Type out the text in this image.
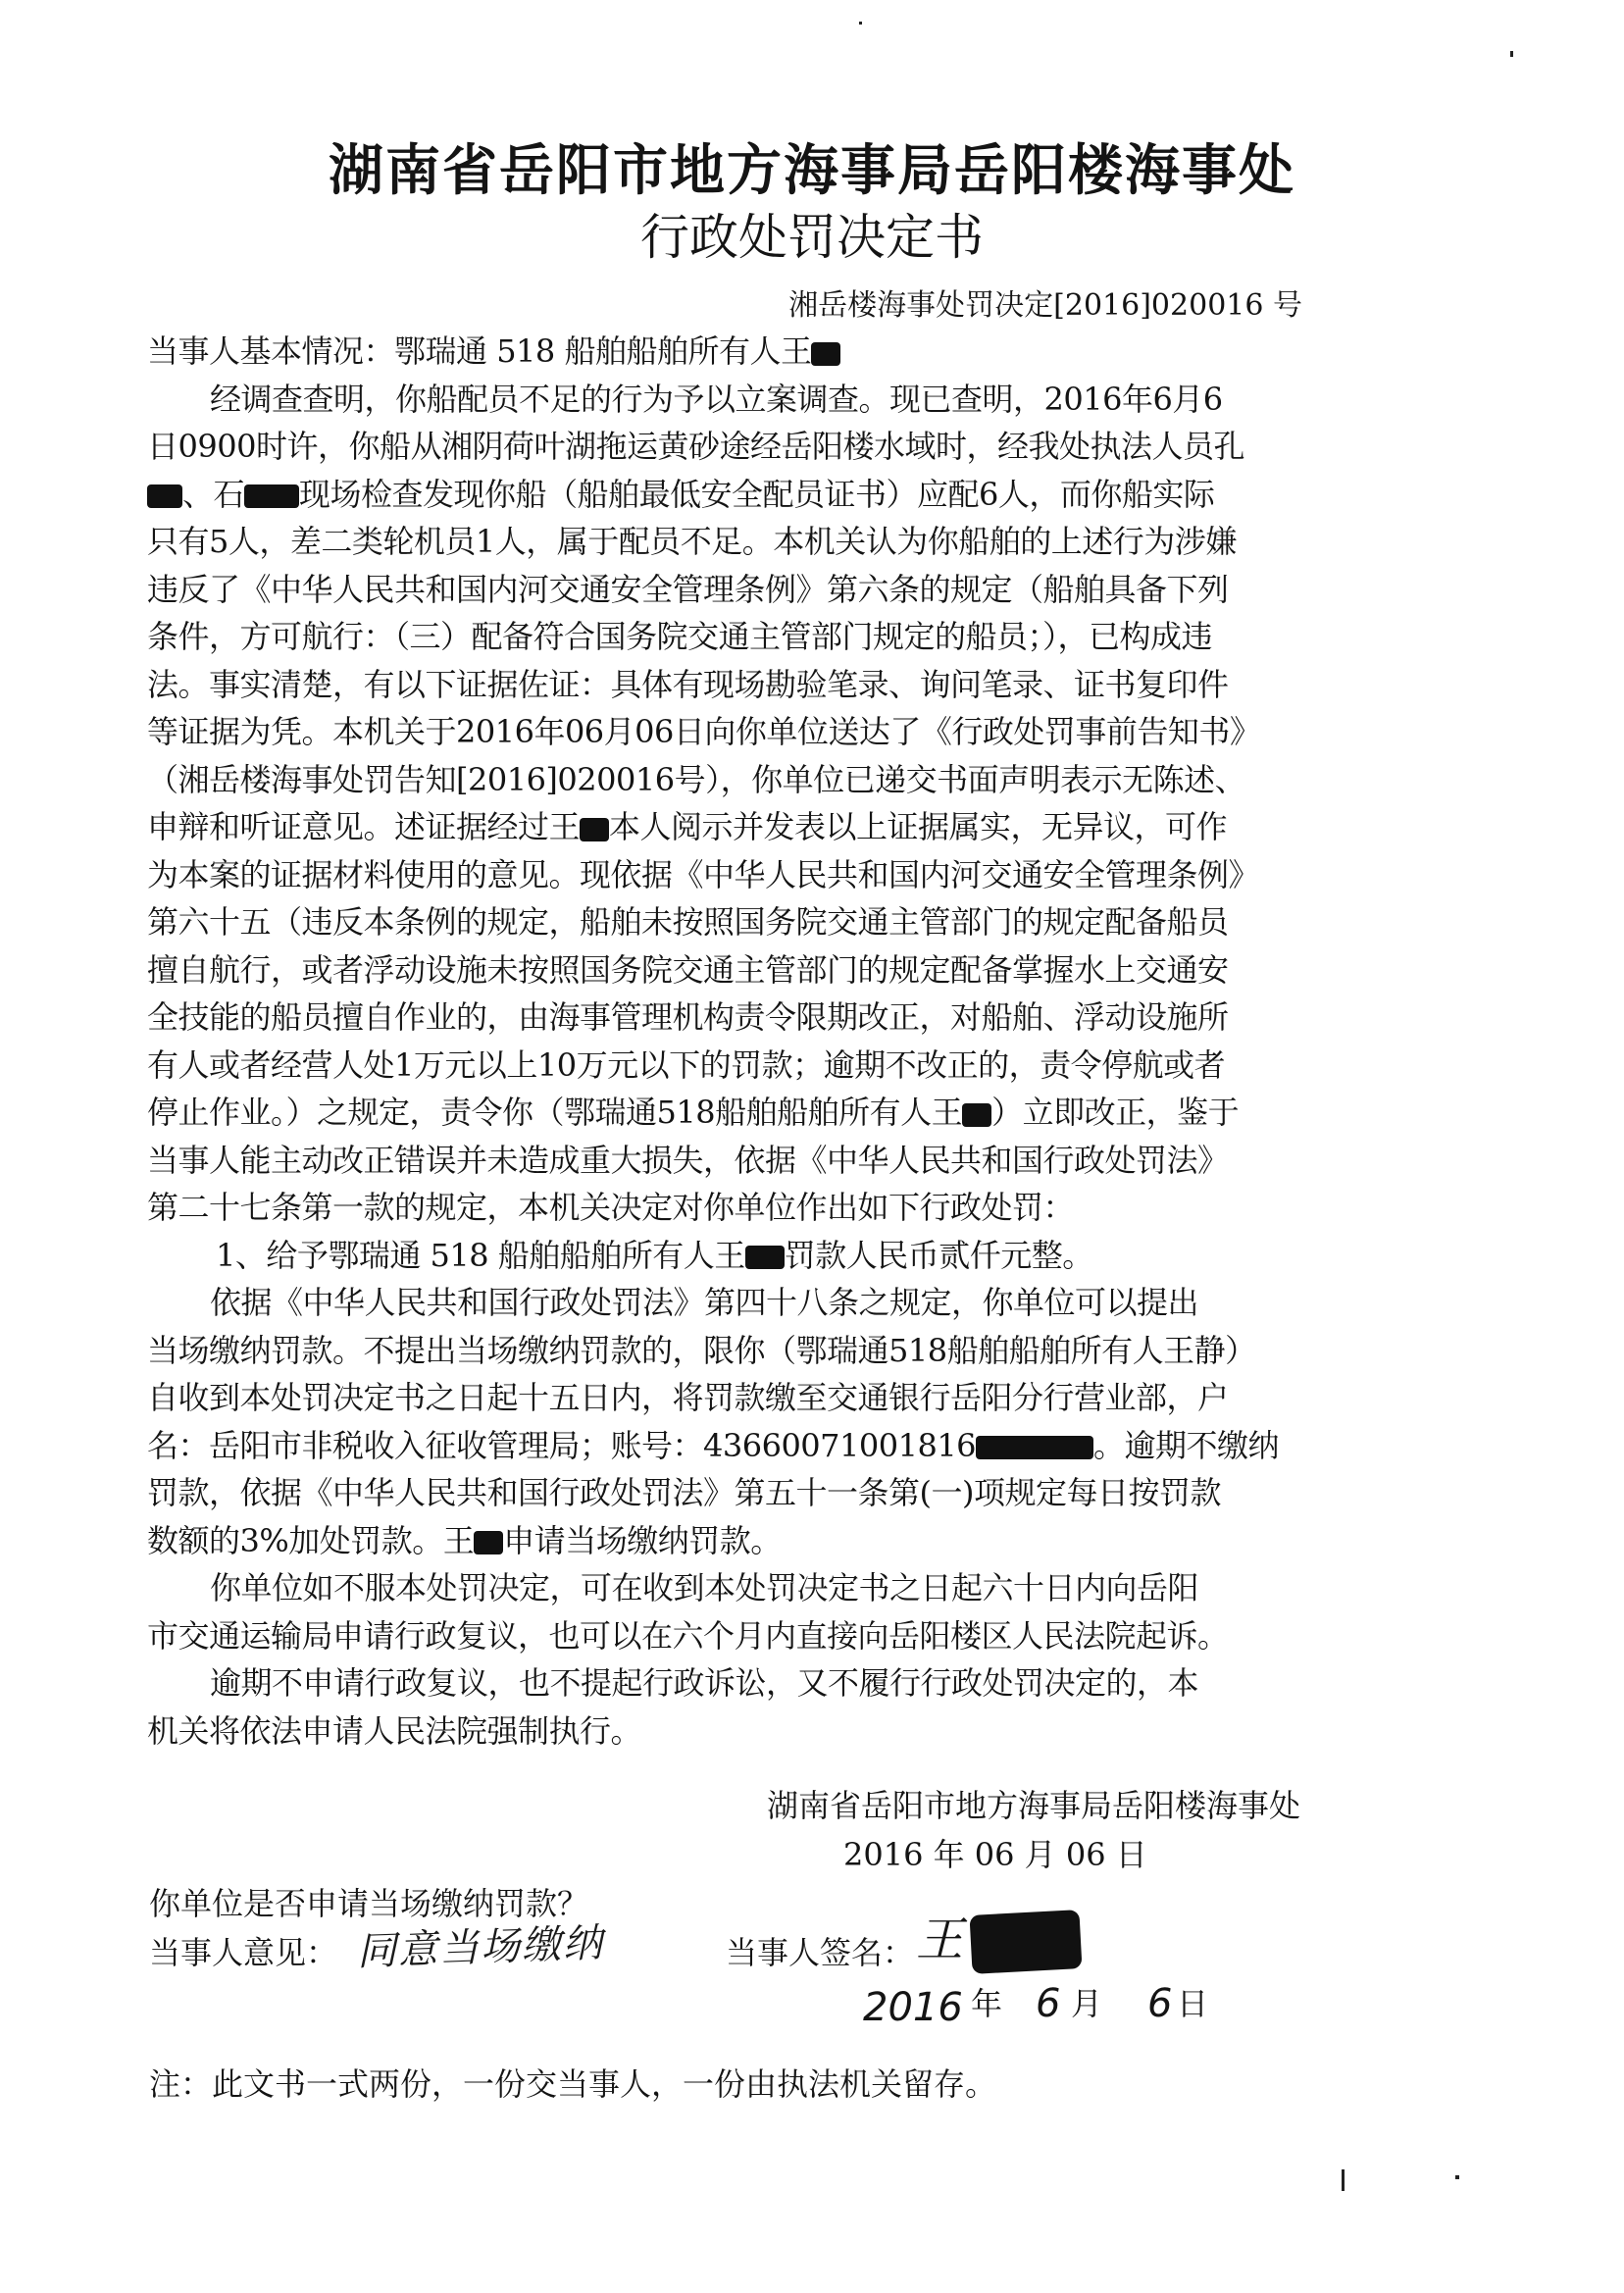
湖南省岳阳市地方海事局岳阳楼海事处
行政处罚决定书
湘岳楼海事处罚决定[2016]020016 号

当事人基本情况：鄂瑞通 518 船舶船舶所有人王

经调查查明，你船配员不足的行为予以立案调查。现已查明，2016年6月6

日0900时许，你船从湘阴荷叶湖拖运黄砂途经岳阳楼水域时，经我处执法人员孔

、石 现场检查发现你船（船舶最低安全配员证书）应配6人，而你船实际

只有5人，差二类轮机员1人，属于配员不足。本机关认为你船舶的上述行为涉嫌

违反了《中华人民共和国内河交通安全管理条例》第六条的规定（船舶具备下列

条件，方可航行：（三）配备符合国务院交通主管部门规定的船员；），已构成违

法。事实清楚，有以下证据佐证：具体有现场勘验笔录、询问笔录、证书复印件

等证据为凭。本机关于2016年06月06日向你单位送达了《行政处罚事前告知书》

（湘岳楼海事处罚告知[2016]020016号），你单位已递交书面声明表示无陈述、

申辩和听证意见。述证据经过王 本人阅示并发表以上证据属实，无异议，可作

为本案的证据材料使用的意见。现依据《中华人民共和国内河交通安全管理条例》

第六十五（违反本条例的规定，船舶未按照国务院交通主管部门的规定配备船员

擅自航行，或者浮动设施未按照国务院交通主管部门的规定配备掌握水上交通安

全技能的船员擅自作业的，由海事管理机构责令限期改正，对船舶、浮动设施所

有人或者经营人处1万元以上10万元以下的罚款；逾期不改正的，责令停航或者

停止作业。）之规定，责令你（鄂瑞通518船舶船舶所有人王 ）立即改正，鉴于

当事人能主动改正错误并未造成重大损失，依据《中华人民共和国行政处罚法》

第二十七条第一款的规定，本机关决定对你单位作出如下行政处罚：

1、给予鄂瑞通 518 船舶船舶所有人王 罚款人民币贰仟元整。

依据《中华人民共和国行政处罚法》第四十八条之规定，你单位可以提出

当场缴纳罚款。不提出当场缴纳罚款的，限你（鄂瑞通518船舶船舶所有人王静）

自收到本处罚决定书之日起十五日内，将罚款缴至交通银行岳阳分行营业部，户

名：岳阳市非税收入征收管理局；账号：43660071001816	。逾期不缴纳

罚款，依据《中华人民共和国行政处罚法》第五十一条第(一)项规定每日按罚款

数额的3%加处罚款。王 申请当场缴纳罚款。

你单位如不服本处罚决定，可在收到本处罚决定书之日起六十日内向岳阳

市交通运输局申请行政复议，也可以在六个月内直接向岳阳楼区人民法院起诉。

逾期不申请行政复议，也不提起行政诉讼，又不履行行政处罚决定的，本

机关将依法申请人民法院强制执行。

湖南省岳阳市地方海事局岳阳楼海事处
2016 年 06 月 06 日
你单位是否申请当场缴纳罚款？
当事人意见： 同意当场缴纳	当事人签名： 王
2016 年 6 月 6 日
注：此文书一式两份，一份交当事人，一份由执法机关留存。
